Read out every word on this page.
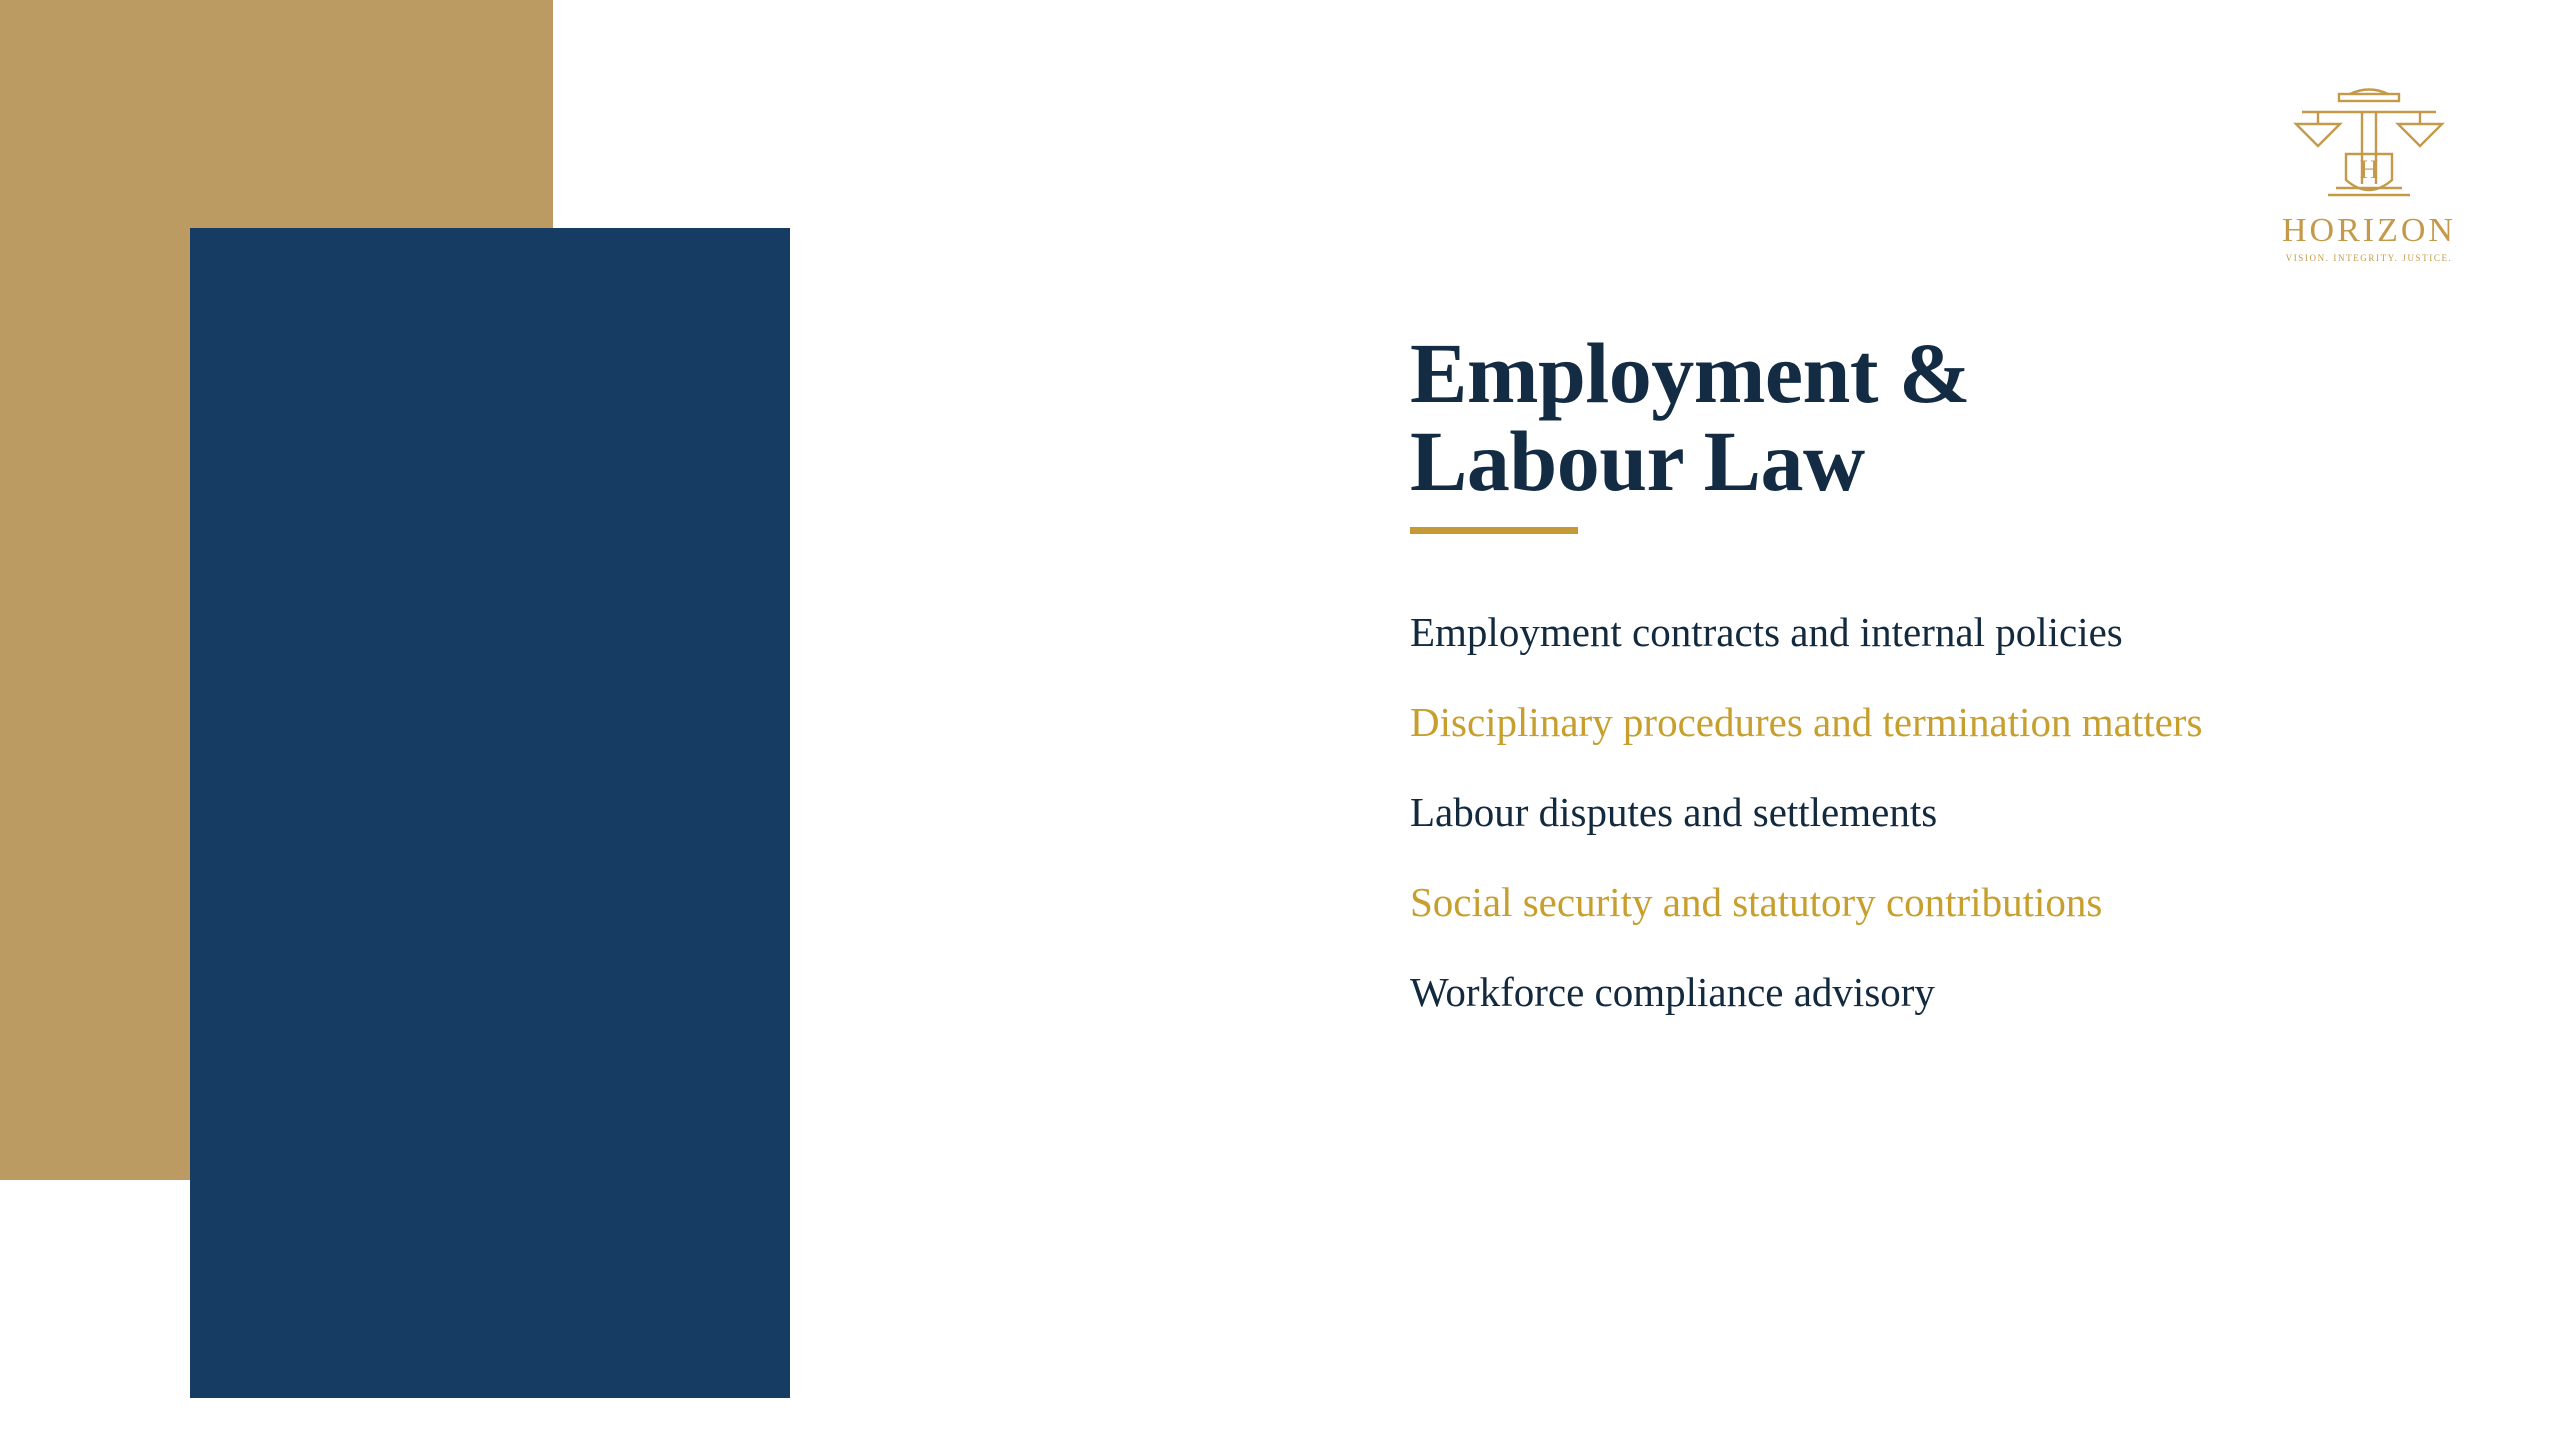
H
HORIZON
VISION. INTEGRITY. JUSTICE.
Employment &
Labour Law
Employment contracts and internal policies
Disciplinary procedures and termination matters
Labour disputes and settlements
Social security and statutory contributions
Workforce compliance advisory
